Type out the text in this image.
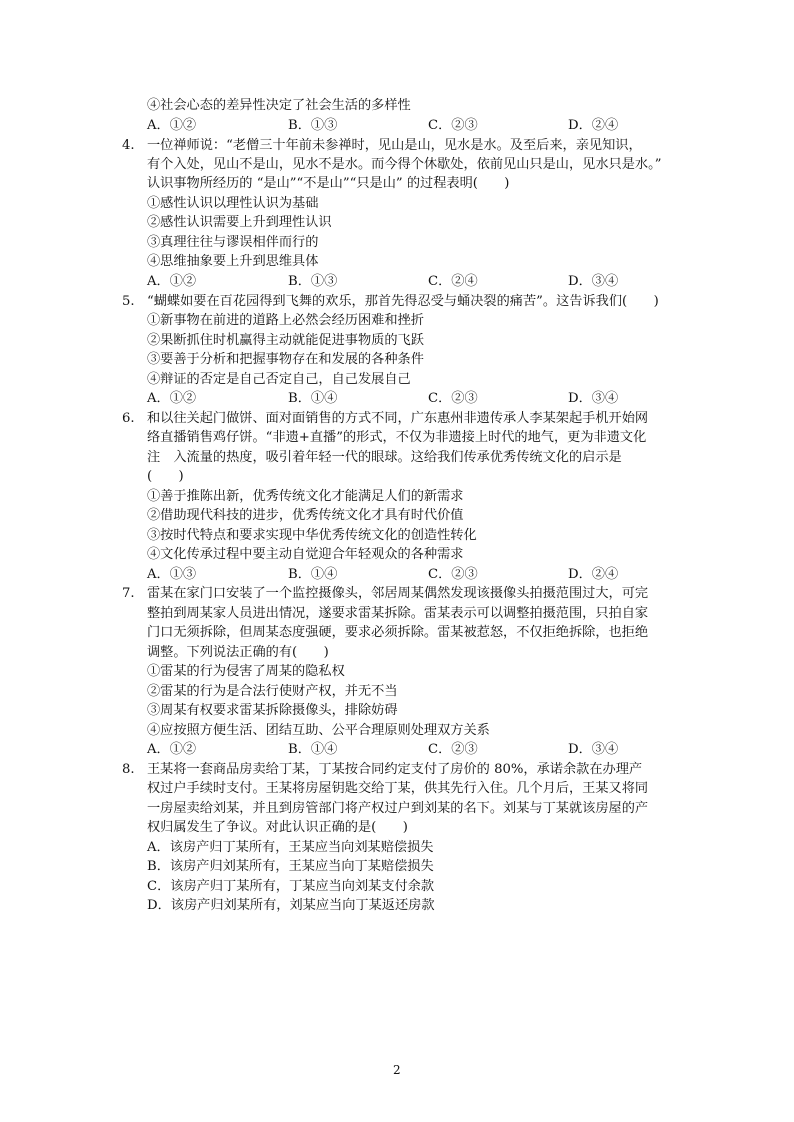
④社会心态的差异性决定了社会生活的多样性
A．①②	B．①③	C．②③	D．②④
4. 一位禅师说：“老僧三十年前未参禅时，见山是山，见水是水。及至后来，亲见知识，
有个入处，见山不是山，见水不是水。而今得个休歇处，依前见山只是山，见水只是水。”
认识事物所经历的 “是山”“不是山”“只是山” 的过程表明(　　)
①感性认识以理性认识为基础
②感性认识需要上升到理性认识
③真理往往与谬误相伴而行的
④思维抽象要上升到思维具体
A．①②	B．①③	C．②④	D．③④
5. “蝴蝶如要在百花园得到飞舞的欢乐，那首先得忍受与蛹决裂的痛苦”。这告诉我们(　　)
①新事物在前进的道路上必然会经历困难和挫折
②果断抓住时机赢得主动就能促进事物质的飞跃
③要善于分析和把握事物存在和发展的各种条件
④辩证的否定是自己否定自己，自己发展自己
A．①②	B．①④	C．②③	D．③④
6. 和以往关起门做饼、面对面销售的方式不同，广东惠州非遗传承人李某架起手机开始网
络直播销售鸡仔饼。“非遗+直播”的形式，不仅为非遗接上时代的地气，更为非遗文化
注　入流量的热度，吸引着年轻一代的眼球。这给我们传承优秀传统文化的启示是
(　　)
①善于推陈出新，优秀传统文化才能满足人们的新需求
②借助现代科技的进步，优秀传统文化才具有时代价值
③按时代特点和要求实现中华优秀传统文化的创造性转化
④文化传承过程中要主动自觉迎合年轻观众的各种需求
A．①③	B．①④	C．②③	D．②④
7. 雷某在家门口安装了一个监控摄像头，邻居周某偶然发现该摄像头拍摄范围过大，可完
整拍到周某家人员进出情况，遂要求雷某拆除。雷某表示可以调整拍摄范围，只拍自家
门口无须拆除，但周某态度强硬，要求必须拆除。雷某被惹怒，不仅拒绝拆除，也拒绝
调整。下列说法正确的有(　　)
①雷某的行为侵害了周某的隐私权
②雷某的行为是合法行使财产权，并无不当
③周某有权要求雷某拆除摄像头，排除妨碍
④应按照方便生活、团结互助、公平合理原则处理双方关系
A．①②	B．①④	C．②③	D．③④
8. 王某将一套商品房卖给丁某，丁某按合同约定支付了房价的 80%，承诺余款在办理产
权过户手续时支付。王某将房屋钥匙交给丁某，供其先行入住。几个月后，王某又将同
一房屋卖给刘某，并且到房管部门将产权过户到刘某的名下。刘某与丁某就该房屋的产
权归属发生了争议。对此认识正确的是(　　)
A．该房产归丁某所有，王某应当向刘某赔偿损失
B．该房产归刘某所有，王某应当向丁某赔偿损失
C．该房产归丁某所有，丁某应当向刘某支付余款
D．该房产归刘某所有，刘某应当向丁某返还房款
2
